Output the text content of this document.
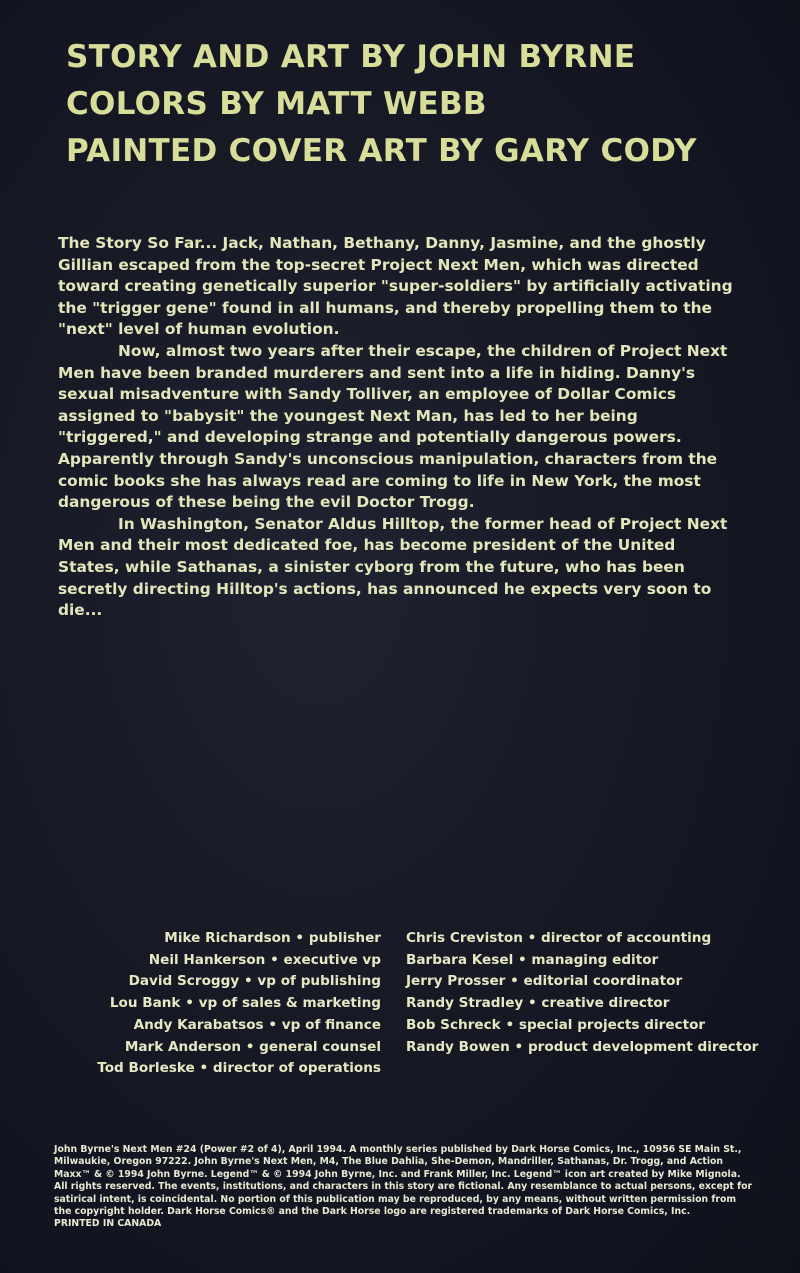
STORY AND ART BY JOHN BYRNE
COLORS BY MATT WEBB
PAINTED COVER ART BY GARY CODY

The Story So Far... Jack, Nathan, Bethany, Danny, Jasmine, and the ghostly Gillian escaped from the top-secret Project Next Men, which was directed toward creating genetically superior "super-soldiers" by artificially activating the "trigger gene" found in all humans, and thereby propelling them to the "next" level of human evolution.

Now, almost two years after their escape, the children of Project Next Men have been branded murderers and sent into a life in hiding. Danny's sexual misadventure with Sandy Tolliver, an employee of Dollar Comics assigned to "babysit" the youngest Next Man, has led to her being "triggered," and developing strange and potentially dangerous powers. Apparently through Sandy's unconscious manipulation, characters from the comic books she has always read are coming to life in New York, the most dangerous of these being the evil Doctor Trogg.

In Washington, Senator Aldus Hilltop, the former head of Project Next Men and their most dedicated foe, has become president of the United States, while Sathanas, a sinister cyborg from the future, who has been secretly directing Hilltop's actions, has announced he expects very soon to die...

Mike Richardson • publisher
Neil Hankerson • executive vp
David Scroggy • vp of publishing
Lou Bank • vp of sales & marketing
Andy Karabatsos • vp of finance
Mark Anderson • general counsel
Tod Borleske • director of operations
Chris Creviston • director of accounting
Barbara Kesel • managing editor
Jerry Prosser • editorial coordinator
Randy Stradley • creative director
Bob Schreck • special projects director
Randy Bowen • product development director

John Byrne's Next Men #24 (Power #2 of 4), April 1994. A monthly series published by Dark Horse Comics, Inc., 10956 SE Main St., Milwaukie, Oregon 97222. John Byrne's Next Men, M4, The Blue Dahlia, She-Demon, Mandriller, Sathanas, Dr. Trogg, and Action Maxx™ & © 1994 John Byrne. Legend™ & © 1994 John Byrne, Inc. and Frank Miller, Inc. Legend™ icon art created by Mike Mignola. All rights reserved. The events, institutions, and characters in this story are fictional. Any resemblance to actual persons, except for satirical intent, is coincidental. No portion of this publication may be reproduced, by any means, without written permission from the copyright holder. Dark Horse Comics® and the Dark Horse logo are registered trademarks of Dark Horse Comics, Inc.

PRINTED IN CANADA
